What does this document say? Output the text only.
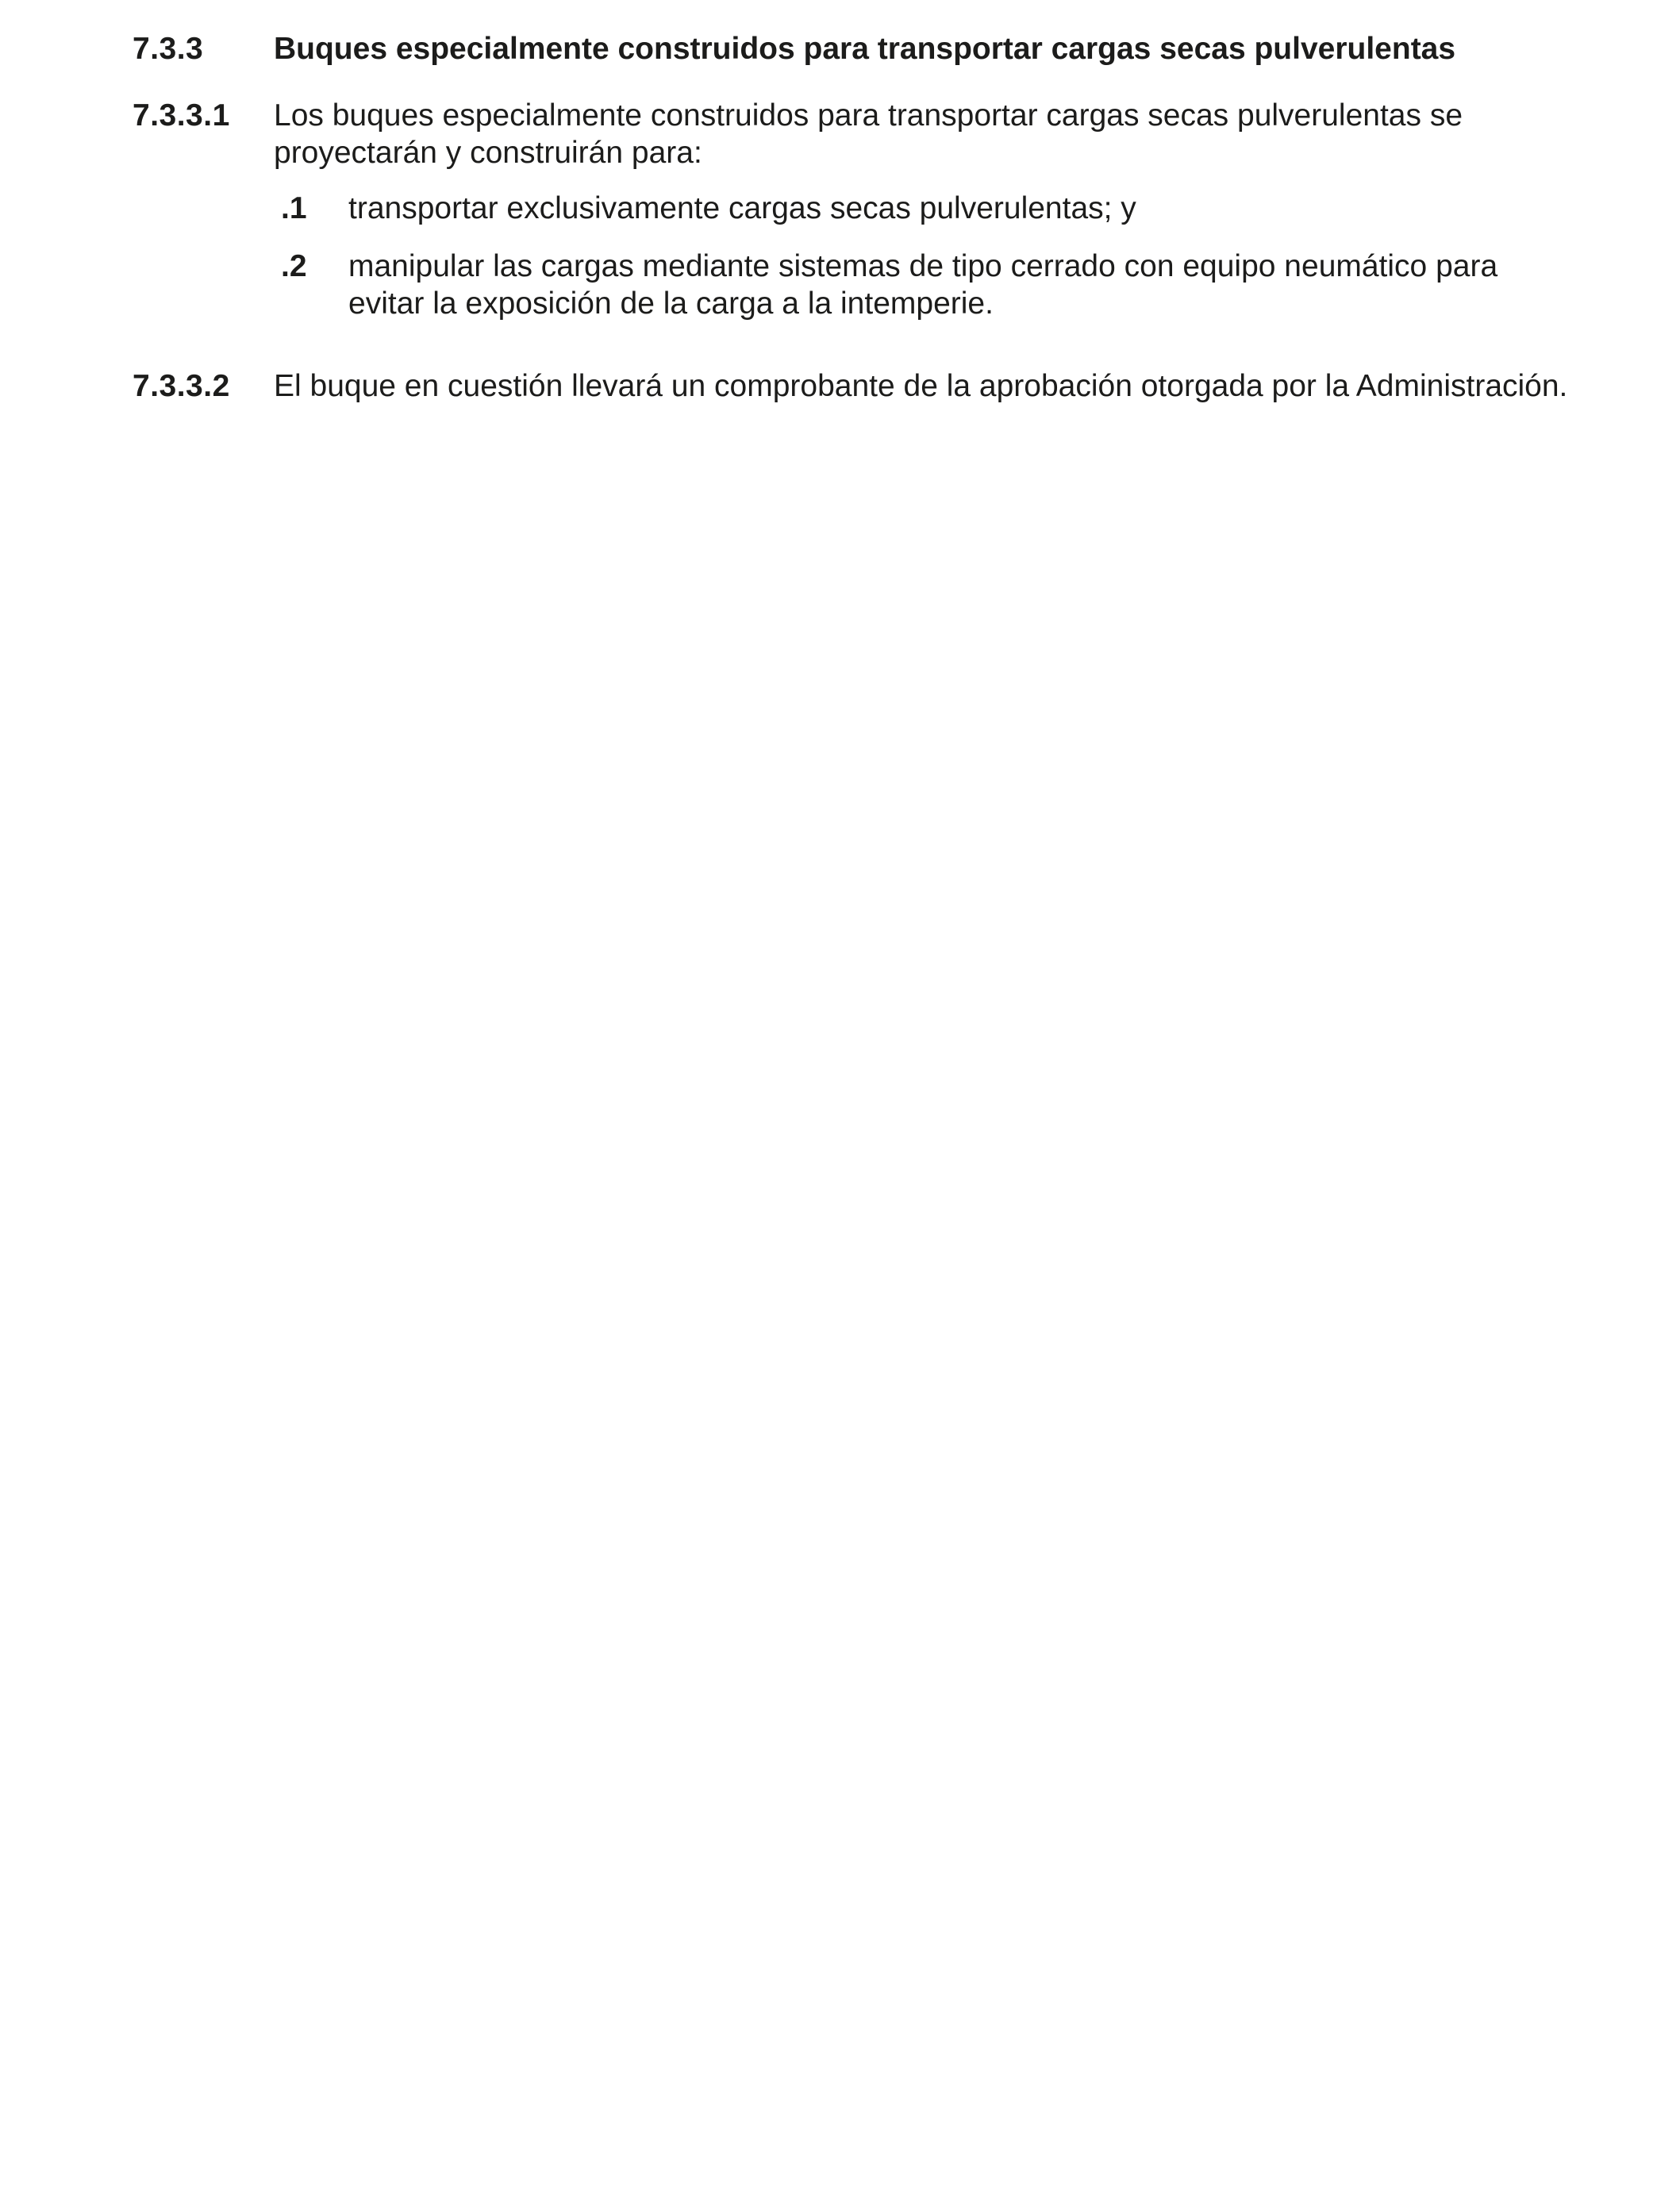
7.3.3	Buques especialmente construidos para transportar cargas secas pulverulentas
7.3.3.1	Los buques especialmente construidos para transportar cargas secas pulverulentas se proyectarán y construirán para:

.1	transportar exclusivamente cargas secas pulverulentas; y

.2	manipular las cargas mediante sistemas de tipo cerrado con equipo neumático para evitar la exposición de la carga a la intemperie.

7.3.3.2	El buque en cuestión llevará un comprobante de la aprobación otorgada por la Administración.
